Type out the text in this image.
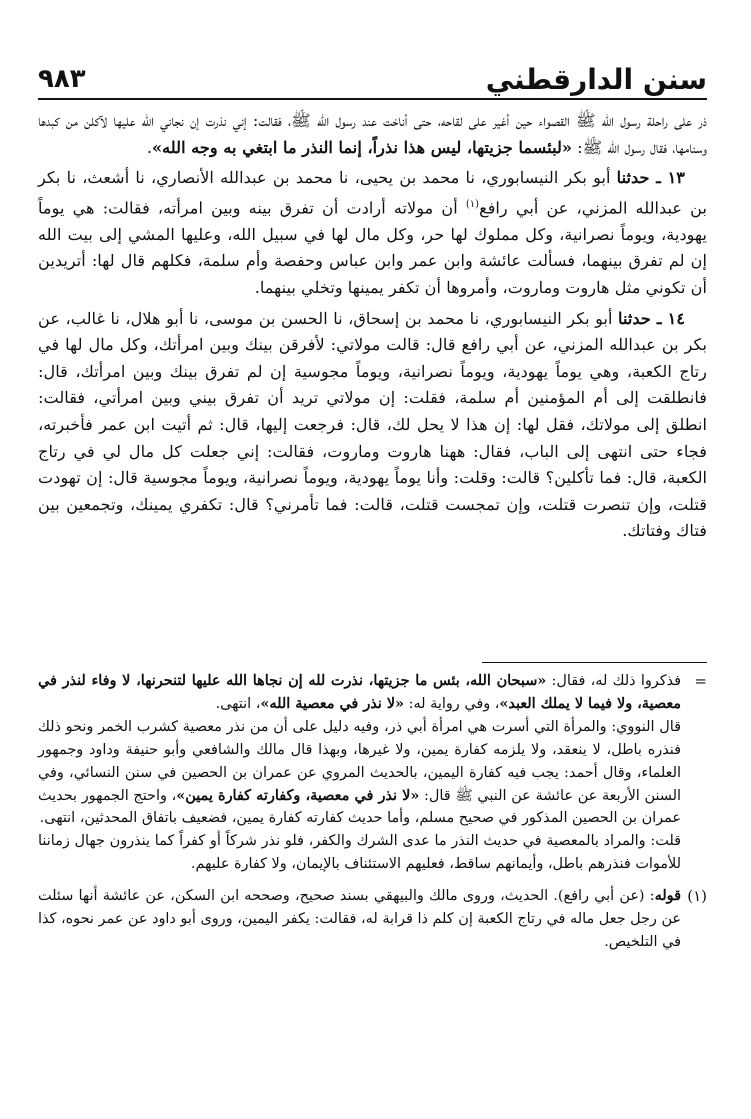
سنن الدارقطني
٩٨٣

ذر على راحلة رسول الله ﷺ القصواء حين أغير على لقاحه، حتى أناخت عند رسول الله ﷺ، فقالت: إني نذرت إن نجاني الله عليها لآكلن من كبدها وسنامها، فقال رسول الله ﷺ: «لبئسما جزيتها، ليس هذا نذراً، إنما النذر ما ابتغي به وجه الله».

١٣ ـ حدثنا أبو بكر النيسابوري، نا محمد بن يحيى، نا محمد بن عبدالله الأنصاري، نا أشعث، نا بكر بن عبدالله المزني، عن أبي رافع$^{(١)}$ أن مولاته أرادت أن تفرق بينه وبين امرأته، فقالت: هي يوماً يهودية، ويوماً نصرانية، وكل مملوك لها حر، وكل مال لها في سبيل الله، وعليها المشي إلى بيت الله إن لم تفرق بينهما، فسألت عائشة وابن عمر وابن عباس وحفصة وأم سلمة، فكلهم قال لها: أتريدين أن تكوني مثل هاروت وماروت، وأمروها أن تكفر يمينها وتخلي بينهما.

١٤ ـ حدثنا أبو بكر النيسابوري، نا محمد بن إسحاق، نا الحسن بن موسى، نا أبو هلال، نا غالب، عن بكر بن عبدالله المزني، عن أبي رافع قال: قالت مولاتي: لأفرقن بينك وبين امرأتك، وكل مال لها في رتاج الكعبة، وهي يوماً يهودية، ويوماً نصرانية، ويوماً مجوسية إن لم تفرق بينك وبين امرأتك، قال: فانطلقت إلى أم المؤمنين أم سلمة، فقلت: إن مولاتي تريد أن تفرق بيني وبين امرأتي، فقالت: انطلق إلى مولاتك، فقل لها: إن هذا لا يحل لك، قال: فرجعت إليها، قال: ثم أتيت ابن عمر فأخبرته، فجاء حتى انتهى إلى الباب، فقال: ههنا هاروت وماروت، فقالت: إني جعلت كل مال لي في رتاج الكعبة، قال: فما تأكلين؟ قالت: وقلت: وأنا يوماً يهودية، ويوماً نصرانية، ويوماً مجوسية قال: إن تهودت قتلت، وإن تنصرت قتلت، وإن تمجست قتلت، قالت: فما تأمرني؟ قال: تكفري يمينك، وتجمعين بين فتاك وفتاتك.

=

فذكروا ذلك له، فقال: «سبحان الله، بئس ما جزيتها، نذرت لله إن نجاها الله عليها لتنحرنها، لا وفاء لنذر في معصية، ولا فيما لا يملك العبد»، وفي رواية له: «لا نذر في معصية الله»، انتهى.

قال النووي: والمرأة التي أسرت هي امرأة أبي ذر، وفيه دليل على أن من نذر معصية كشرب الخمر ونحو ذلك فنذره باطل، لا ينعقد، ولا يلزمه كفارة يمين، ولا غيرها، وبهذا قال مالك والشافعي وأبو حنيفة وداود وجمهور العلماء، وقال أحمد: يجب فيه كفارة اليمين، بالحديث المروي عن عمران بن الحصين في سنن النسائي، وفي السنن الأربعة عن عائشة عن النبي ﷺ قال: «لا نذر في معصية، وكفارته كفارة يمين»، واحتج الجمهور بحديث عمران بن الحصين المذكور في صحيح مسلم، وأما حديث كفارته كفارة يمين، فضعيف باتفاق المحدثين، انتهى.

قلت: والمراد بالمعصية في حديث النذر ما عدى الشرك والكفر، فلو نذر شركاً أو كفراً كما ينذرون جهال زماننا للأموات فنذرهم باطل، وأيمانهم ساقط، فعليهم الاستئناف بالإيمان، ولا كفارة عليهم.

(١)

قوله: (عن أبي رافع). الحديث، وروى مالك والبيهقي بسند صحيح، وصححه ابن السكن، عن عائشة أنها سئلت عن رجل جعل ماله في رتاج الكعبة إن كلم ذا قرابة له، فقالت: يكفر اليمين، وروى أبو داود عن عمر نحوه، كذا في التلخيص.
